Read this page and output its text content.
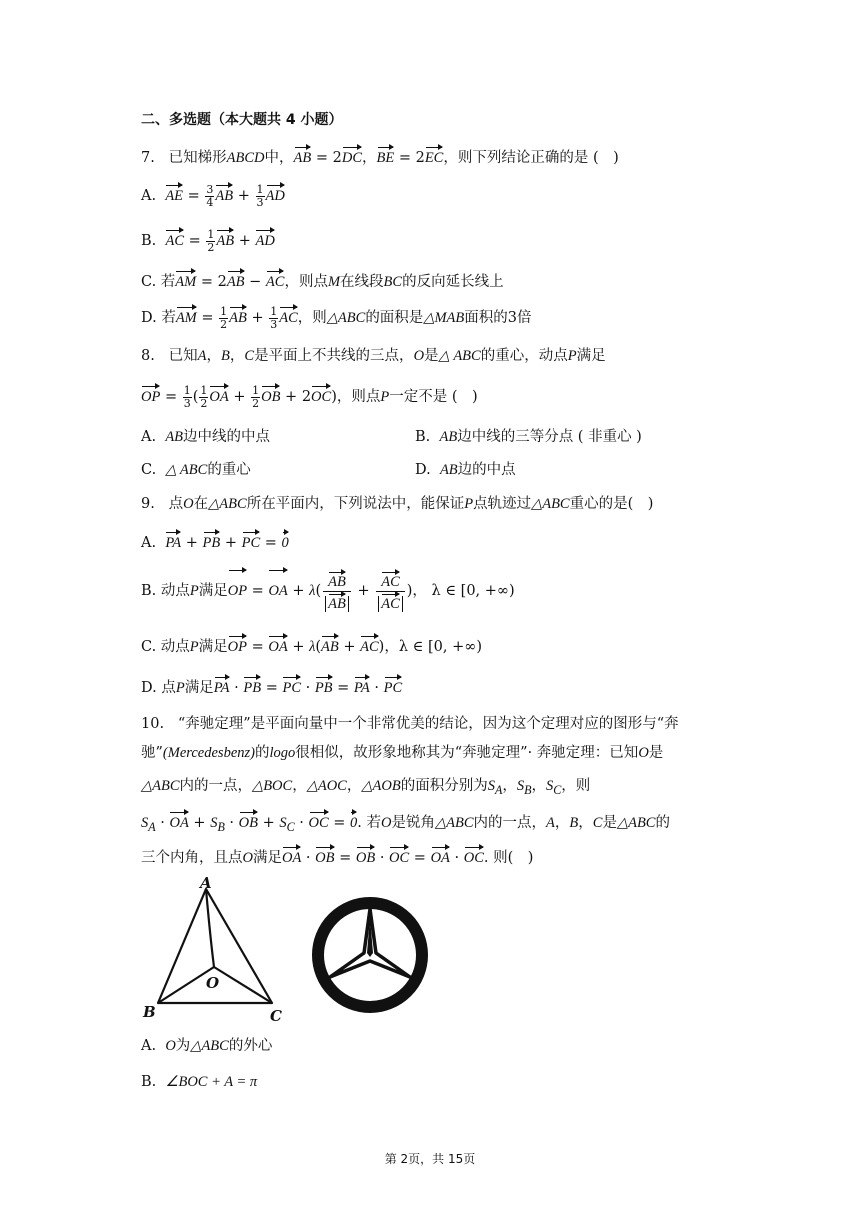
二、多选题（本大题共 4 小题）
7. 已知梯形ABCD中，AB = 2DC，BE = 2EC，则下列结论正确的是 (　)
A. AE = $\frac{3}{4}$ AB + $\frac{1}{3}$ AD
B. AC = $\frac{1}{2}$ AB + AD
C. 若AM = 2AB − AC，则点M在线段BC的反向延长线上
D. 若AM = $\frac{1}{2}$ AB + $\frac{1}{3}$ AC，则△ABC的面积是△MAB面积的3倍
8. 已知A，B，C是平面上不共线的三点，O是△ ABC的重心，动点P满足
OP = $\frac{1}{3}$ ( $\frac{1}{2}$ OA + $\frac{1}{2}$ OB + 2OC)，则点P一定不是 (　)
A. AB边中线的中点	B. AB边中线的三等分点 ( 非重心 )
C. △ ABC的重心	D. AB边的中点
9. 点O在△ABC所在平面内，下列说法中，能保证P点轨迹过△ABC重心的是(　)
A. PA + PB + PC = 0
B. 动点P满足OP = OA + $\lambda( \frac{AB}{AB} + \frac{AC}{AC}$ )， λ ∈ [0, +∞)
C. 动点P满足OP = OA + λ(AB + AC)，λ ∈ [0, +∞)
D. 点P满足PA · PB = PC · PB = PA · PC
10. “奔驰定理”是平面向量中一个非常优美的结论，因为这个定理对应的图形与“奔
驰”(Mercedesbenz)的logo很相似，故形象地称其为“奔驰定理”· 奔驰定理：已知O是
△ABC内的一点，△BOC，△AOC，△AOB的面积分别为$S_A$，$S_B$，$S_C$，则
$S_A$ · OA + $S_B$ · OB + $S_C$ · OC = 0. 若O是锐角△ABC内的一点，A，B，C是△ABC的
三个内角，且点O满足OA · OB = OB · OC = OA · OC. 则(　)
A
B	C
O
A. O为△ABC的外心
B. ∠BOC + A = π
第 2页，共 15页
